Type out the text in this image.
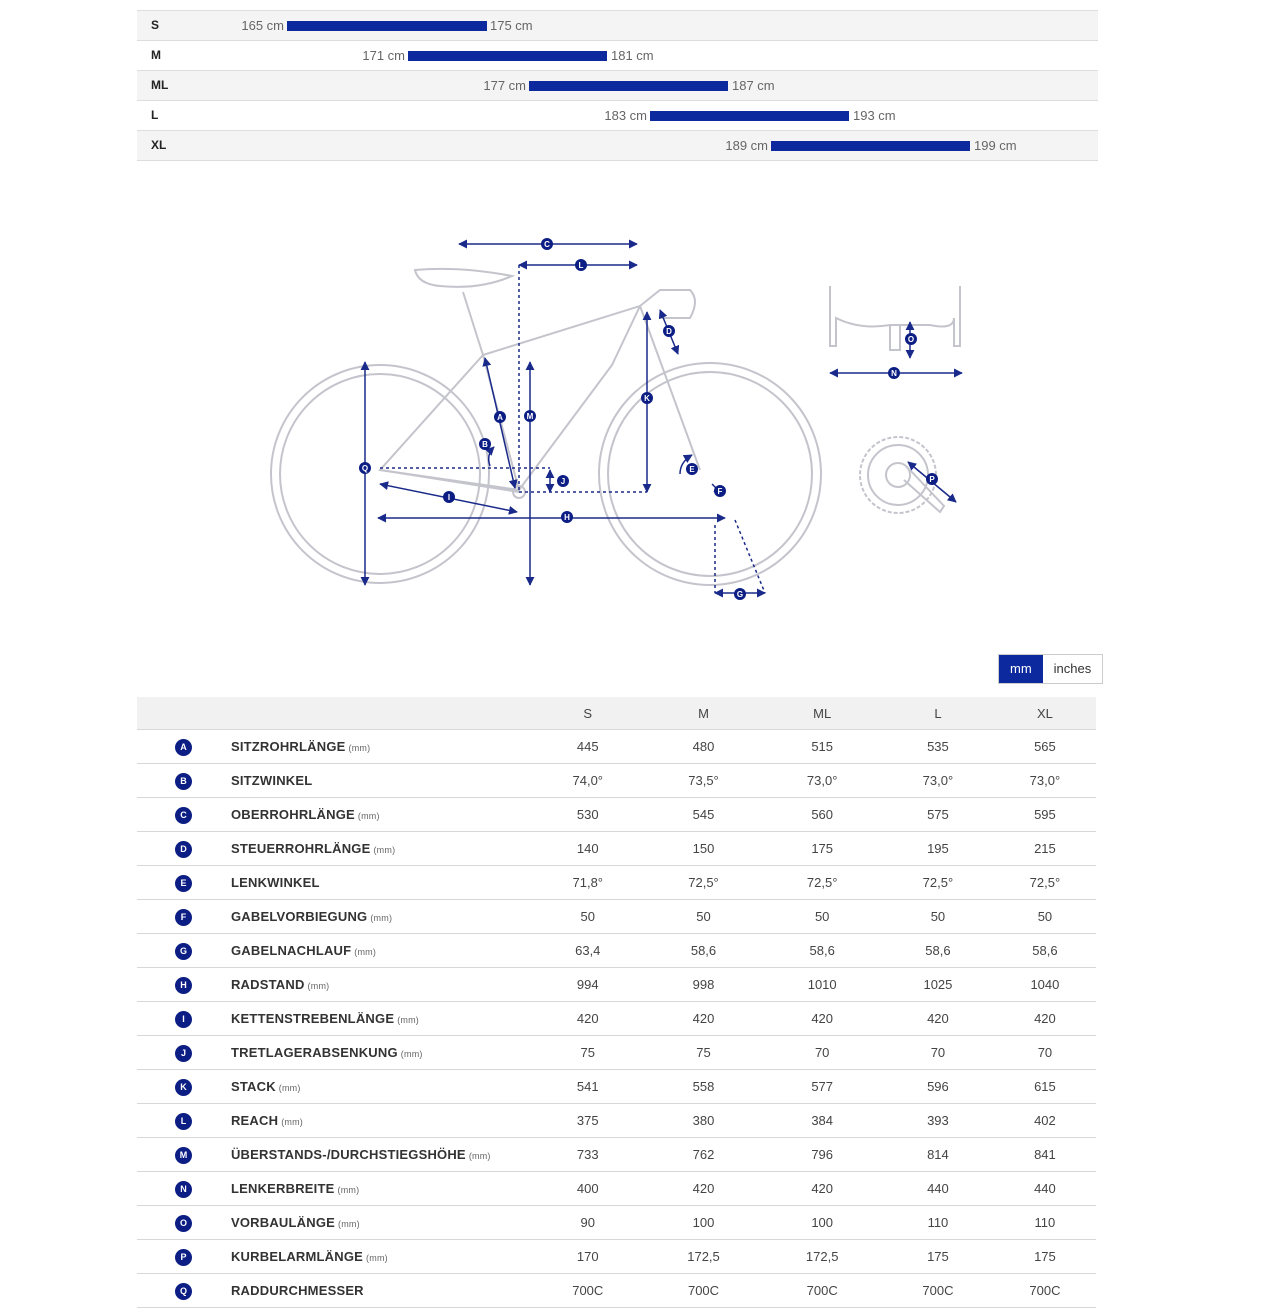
S	165 cm	175 cm
M	171 cm	181 cm
ML	177 cm	187 cm
L	183 cm	193 cm
XL	189 cm	199 cm
A
B
C
D
E
F
G
H
I
J
K
L
M
N
O
P
Q
mm	inches
		S	M	ML	L	XL
A	SITZROHRLÄNGE (mm)	445	480	515	535	565
B	SITZWINKEL	74,0°	73,5°	73,0°	73,0°	73,0°
C	OBERROHRLÄNGE (mm)	530	545	560	575	595
D	STEUERROHRLÄNGE (mm)	140	150	175	195	215
E	LENKWINKEL	71,8°	72,5°	72,5°	72,5°	72,5°
F	GABELVORBIEGUNG (mm)	50	50	50	50	50
G	GABELNACHLAUF (mm)	63,4	58,6	58,6	58,6	58,6
H	RADSTAND (mm)	994	998	1010	1025	1040
I	KETTENSTREBENLÄNGE (mm)	420	420	420	420	420
J	TRETLAGERABSENKUNG (mm)	75	75	70	70	70
K	STACK (mm)	541	558	577	596	615
L	REACH (mm)	375	380	384	393	402
M	ÜBERSTANDS-/DURCHSTIEGSHÖHE (mm)	733	762	796	814	841
N	LENKERBREITE (mm)	400	420	420	440	440
O	VORBAULÄNGE (mm)	90	100	100	110	110
P	KURBELARMLÄNGE (mm)	170	172,5	172,5	175	175
Q	RADDURCHMESSER	700C	700C	700C	700C	700C
